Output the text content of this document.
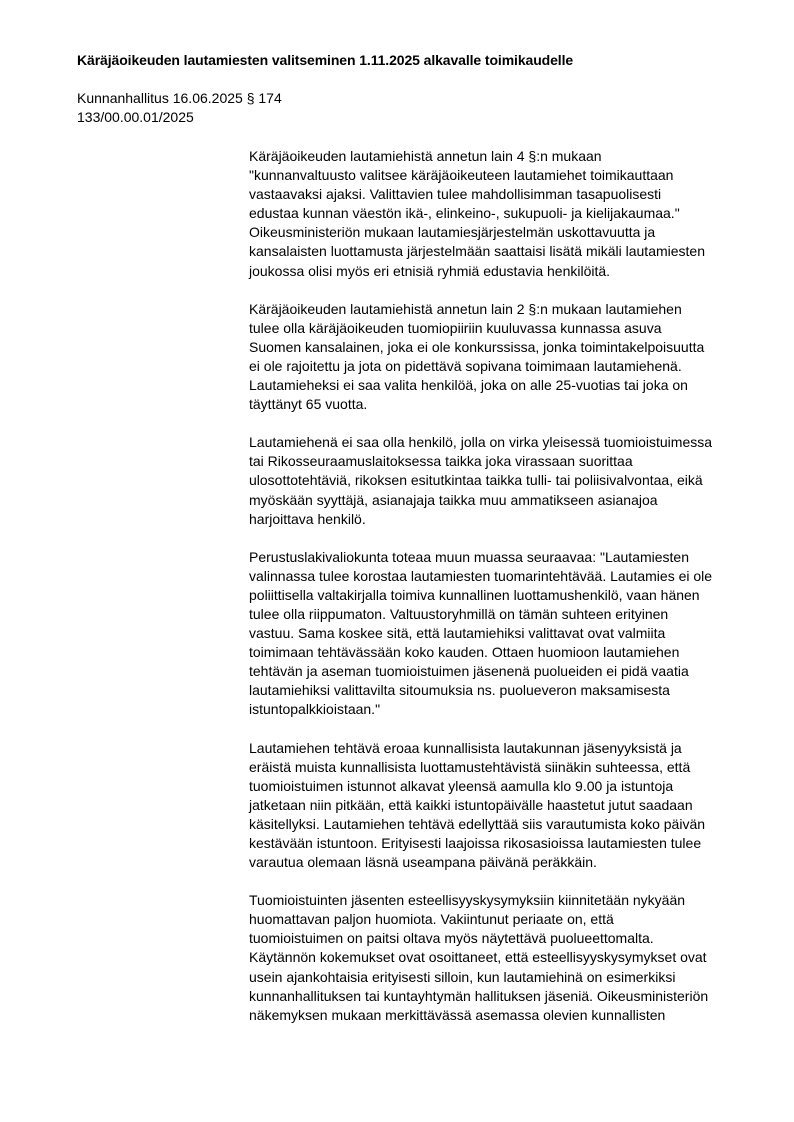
Käräjäoikeuden lautamiesten valitseminen 1.11.2025 alkavalle toimikaudelle
Kunnanhallitus 16.06.2025 § 174
133/00.00.01/2025
Käräjäoikeuden lautamiehistä annetun lain 4 §:n mukaan
"kunnanvaltuusto valitsee käräjäoikeuteen lautamiehet toimikauttaan
vastaavaksi ajaksi. Valittavien tulee mahdollisimman tasapuolisesti
edustaa kunnan väestön ikä-, elinkeino-, sukupuoli- ja kielijakaumaa."
Oikeusministeriön mukaan lautamiesjärjestelmän uskottavuutta ja
kansalaisten luottamusta järjestelmään saattaisi lisätä mikäli lautamiesten
joukossa olisi myös eri etnisiä ryhmiä edustavia henkilöitä.
Käräjäoikeuden lautamiehistä annetun lain 2 §:n mukaan lautamiehen
tulee olla käräjäoikeuden tuomiopiiriin kuuluvassa kunnassa asuva
Suomen kansalainen, joka ei ole konkurssissa, jonka toimintakelpoisuutta
ei ole rajoitettu ja jota on pidettävä sopivana toimimaan lautamiehenä.
Lautamieheksi ei saa valita henkilöä, joka on alle 25-vuotias tai joka on
täyttänyt 65 vuotta.
Lautamiehenä ei saa olla henkilö, jolla on virka yleisessä tuomioistuimessa
tai Rikosseuraamuslaitoksessa taikka joka virassaan suorittaa
ulosottotehtäviä, rikoksen esitutkintaa taikka tulli- tai poliisivalvontaa, eikä
myöskään syyttäjä, asianajaja taikka muu ammatikseen asianajoa
harjoittava henkilö.
Perustuslakivaliokunta toteaa muun muassa seuraavaa: "Lautamiesten
valinnassa tulee korostaa lautamiesten tuomarintehtävää. Lautamies ei ole
poliittisella valtakirjalla toimiva kunnallinen luottamushenkilö, vaan hänen
tulee olla riippumaton. Valtuustoryhmillä on tämän suhteen erityinen
vastuu. Sama koskee sitä, että lautamiehiksi valittavat ovat valmiita
toimimaan tehtävässään koko kauden. Ottaen huomioon lautamiehen
tehtävän ja aseman tuomioistuimen jäsenenä puolueiden ei pidä vaatia
lautamiehiksi valittavilta sitoumuksia ns. puolueveron maksamisesta
istuntopalkkioistaan."
Lautamiehen tehtävä eroaa kunnallisista lautakunnan jäsenyyksistä ja
eräistä muista kunnallisista luottamustehtävistä siinäkin suhteessa, että
tuomioistuimen istunnot alkavat yleensä aamulla klo 9.00 ja istuntoja
jatketaan niin pitkään, että kaikki istuntopäivälle haastetut jutut saadaan
käsitellyksi. Lautamiehen tehtävä edellyttää siis varautumista koko päivän
kestävään istuntoon. Erityisesti laajoissa rikosasioissa lautamiesten tulee
varautua olemaan läsnä useampana päivänä peräkkäin.
Tuomioistuinten jäsenten esteellisyyskysymyksiin kiinnitetään nykyään
huomattavan paljon huomiota. Vakiintunut periaate on, että
tuomioistuimen on paitsi oltava myös näytettävä puolueettomalta.
Käytännön kokemukset ovat osoittaneet, että esteellisyyskysymykset ovat
usein ajankohtaisia erityisesti silloin, kun lautamiehinä on esimerkiksi
kunnanhallituksen tai kuntayhtymän hallituksen jäseniä. Oikeusministeriön
näkemyksen mukaan merkittävässä asemassa olevien kunnallisten
